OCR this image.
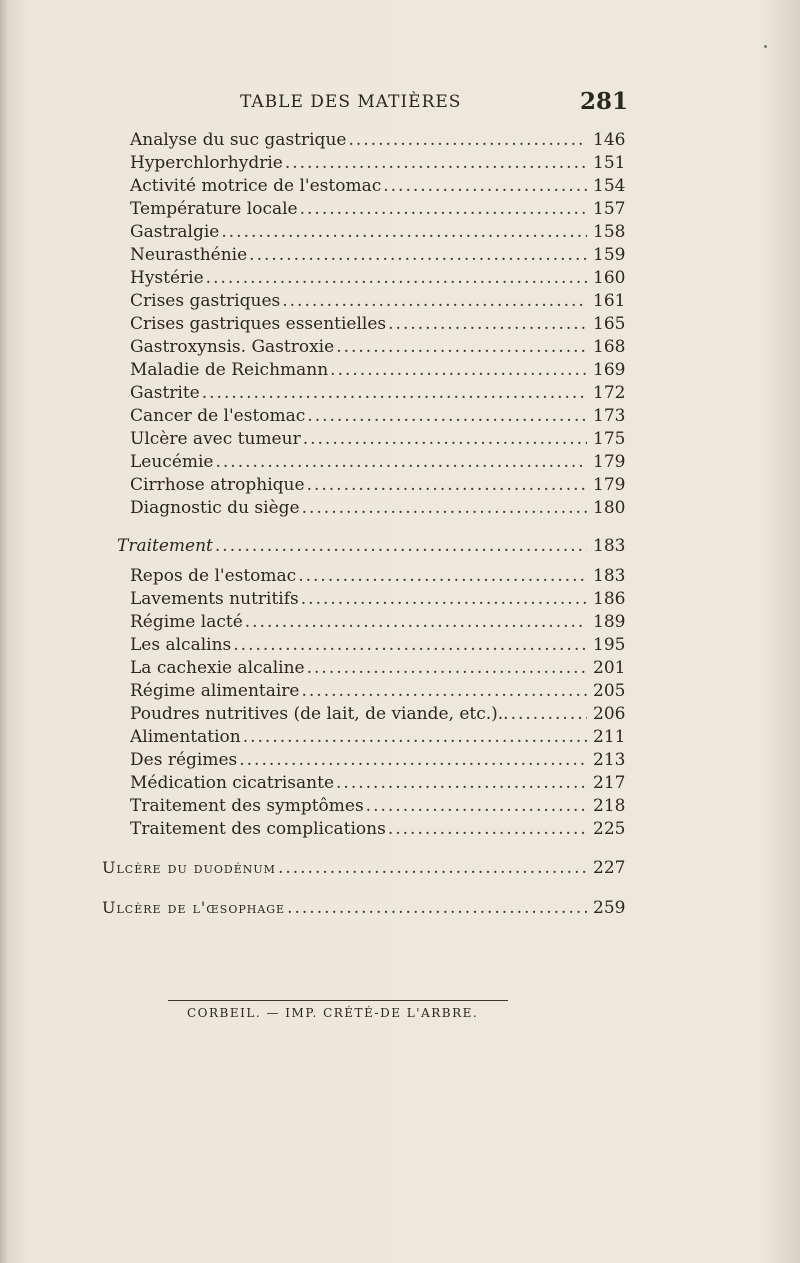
TABLE DES MATIÈRES	281
Analyse du suc gastrique .....	146
Hyperchlorhydrie .....	151
Activité motrice de l'estomac .....	154
Température locale .....	157
Gastralgie .....	158
Neurasthénie .....	159
Hystérie .....	160
Crises gastriques .....	161
Crises gastriques essentielles .....	165
Gastroxynsis. Gastroxie .....	168
Maladie de Reichmann .....	169
Gastrite .....	172
Cancer de l'estomac .....	173
Ulcère avec tumeur .....	175
Leucémie .....	179
Cirrhose atrophique .....	179
Diagnostic du siège .....	180
Traitement .....	183
Repos de l'estomac .....	183
Lavements nutritifs .....	186
Régime lacté .....	189
Les alcalins .....	195
La cachexie alcaline .....	201
Régime alimentaire .....	205
Poudres nutritives (de lait, de viande, etc.).. .....	206
Alimentation .....	211
Des régimes .....	213
Médication cicatrisante .....	217
Traitement des symptômes .....	218
Traitement des complications .....	225
Ulcère du duodénum .....	227
Ulcère de l'œsophage .....	259
CORBEIL. — IMP. CRÉTÉ-DE L'ARBRE.
